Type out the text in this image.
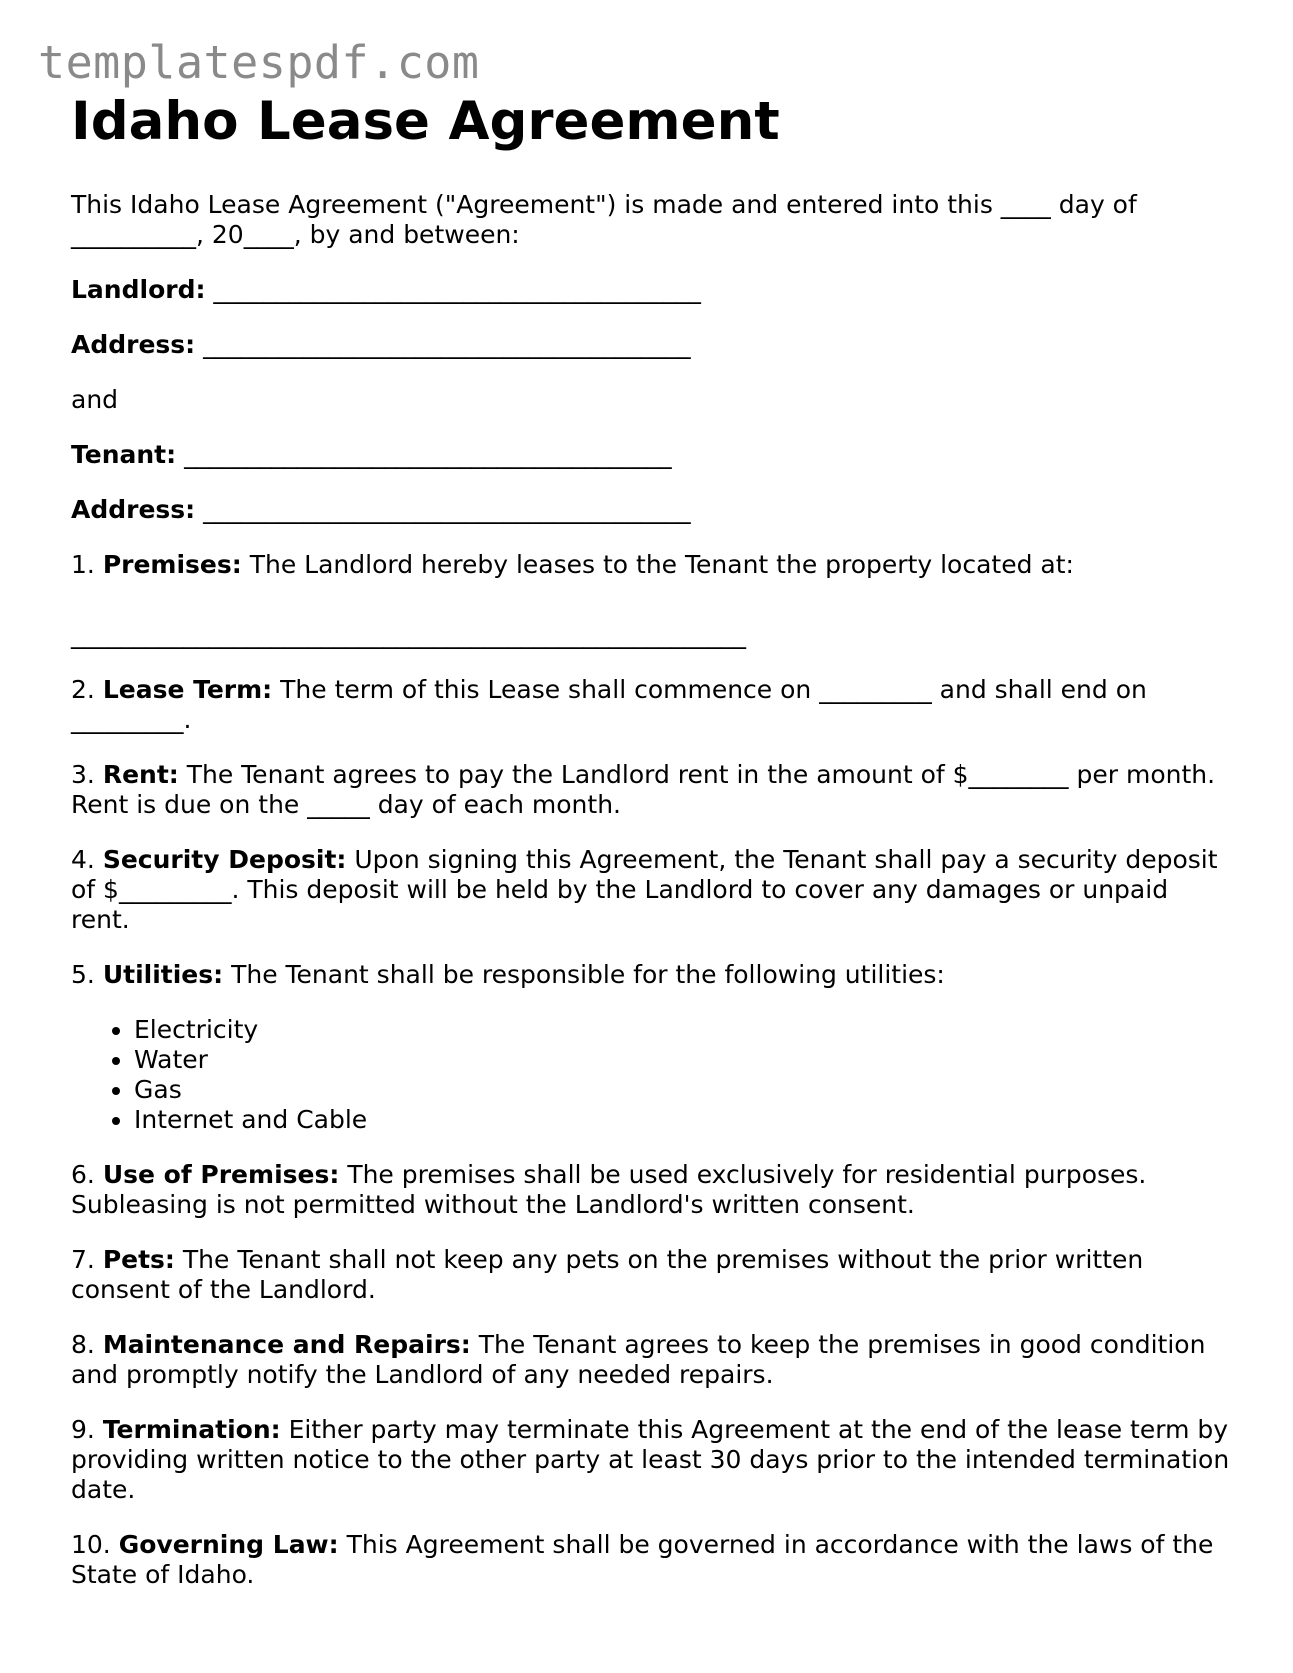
templatespdf.com
Idaho Lease Agreement

This Idaho Lease Agreement ("Agreement") is made and entered into this ____ day of __________, 20____, by and between:

Landlord: _______________________________________

Address: _______________________________________

and

Tenant: _______________________________________

Address: _______________________________________

1. Premises: The Landlord hereby leases to the Tenant the property located at:

______________________________________________________

2. Lease Term: The term of this Lease shall commence on _________ and shall end on _________.

3. Rent: The Tenant agrees to pay the Landlord rent in the amount of $________ per month. Rent is due on the _____ day of each month.

4. Security Deposit: Upon signing this Agreement, the Tenant shall pay a security deposit of $_________. This deposit will be held by the Landlord to cover any damages or unpaid rent.

5. Utilities: The Tenant shall be responsible for the following utilities:

• Electricity
• Water
• Gas
• Internet and Cable

6. Use of Premises: The premises shall be used exclusively for residential purposes. Subleasing is not permitted without the Landlord's written consent.

7. Pets: The Tenant shall not keep any pets on the premises without the prior written consent of the Landlord.

8. Maintenance and Repairs: The Tenant agrees to keep the premises in good condition and promptly notify the Landlord of any needed repairs.

9. Termination: Either party may terminate this Agreement at the end of the lease term by providing written notice to the other party at least 30 days prior to the intended termination date.

10. Governing Law: This Agreement shall be governed in accordance with the laws of the State of Idaho.
